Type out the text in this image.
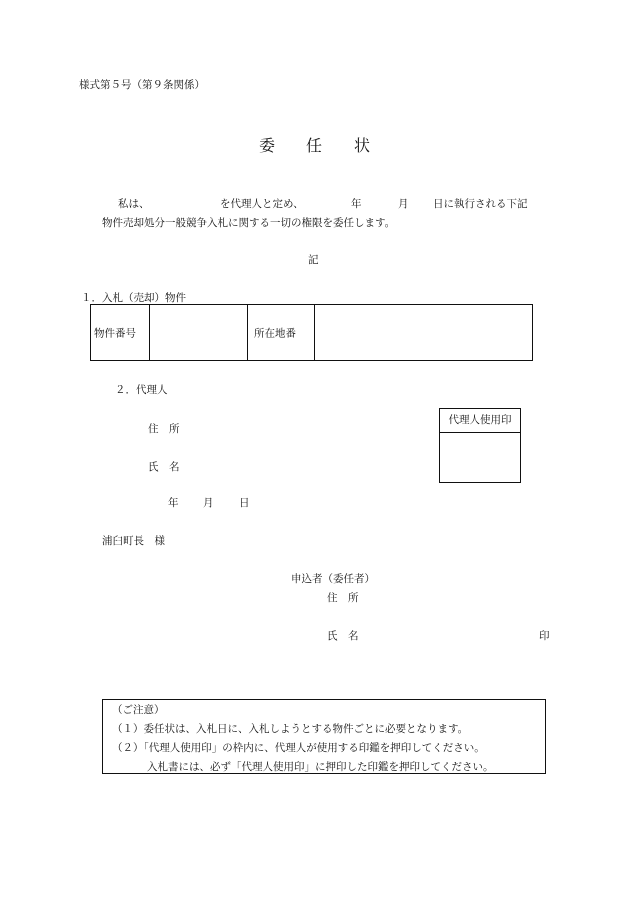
様式第５号（第９条関係）
委 任 状
私は、	を代理人と定め、	年	月 日に執行される下記
物件売却処分一般競争入札に関する一切の権限を委任します。
記
１．入札（売却）物件
物件番号	所在地番
２．代理人
住　所
氏　名
代理人使用印
年 月 日
浦臼町長　様
申込者（委任者）
住　所
氏　名	印
（ご注意）
（１）委任状は、入札日に、入札しようとする物件ごとに必要となります。
（２）「代理人使用印」の枠内に、代理人が使用する印鑑を押印してください。
入札書には、必ず「代理人使用印」に押印した印鑑を押印してください。
